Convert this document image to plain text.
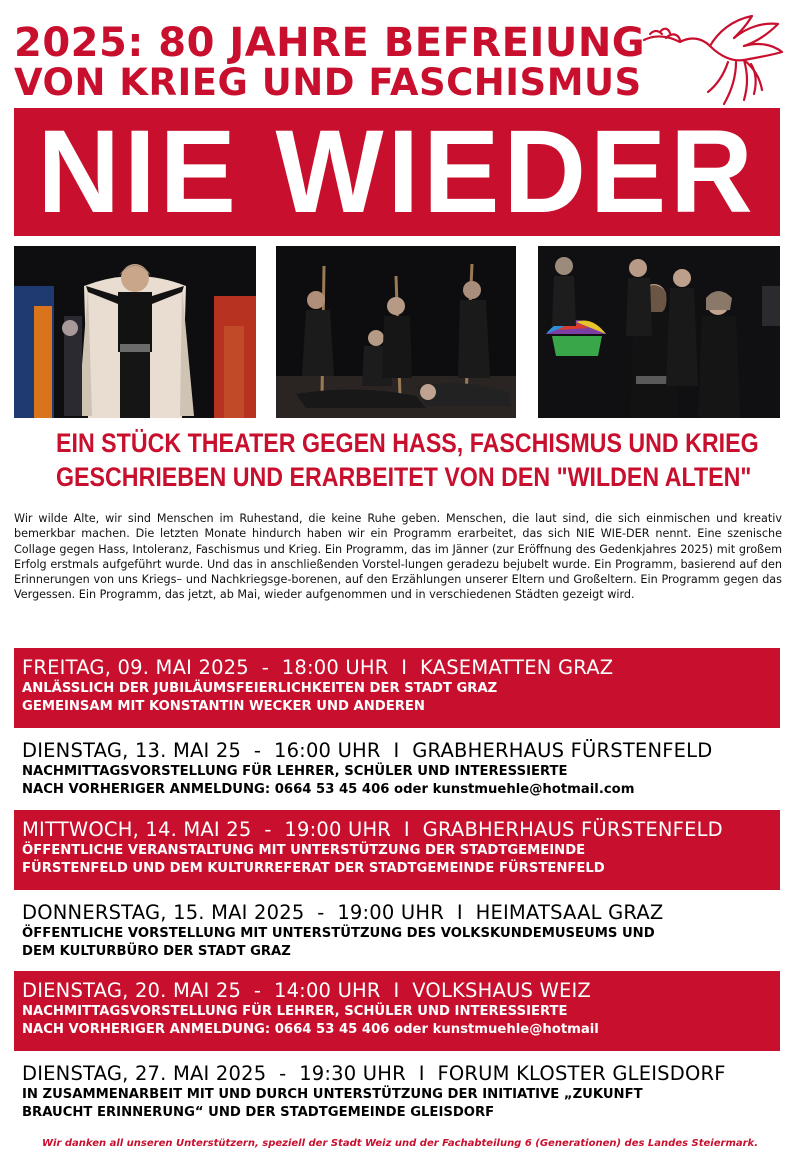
2025: 80 JAHRE BEFREIUNG
VON KRIEG UND FASCHISMUS
NIE WIEDER
EIN STÜCK THEATER GEGEN HASS, FASCHISMUS UND KRIEG
GESCHRIEBEN UND ERARBEITET VON DEN "WILDEN ALTEN"
Wir wilde Alte, wir sind Menschen im Ruhestand, die keine Ruhe geben. Menschen, die laut sind, die sich einmischen und kreativ bemerkbar machen. Die letzten Monate hindurch haben wir ein Programm erarbeitet, das sich NIE WIE-DER nennt. Eine szenische Collage gegen Hass, Intoleranz, Faschismus und Krieg. Ein Programm, das im Jänner (zur Eröffnung des Gedenkjahres 2025) mit großem Erfolg erstmals aufgeführt wurde. Und das in anschließenden Vorstel-lungen geradezu bejubelt wurde. Ein Programm, basierend auf den Erinnerungen von uns Kriegs– und Nachkriegsge-borenen, auf den Erzählungen unserer Eltern und Großeltern. Ein Programm gegen das Vergessen. Ein Programm, das jetzt, ab Mai, wieder aufgenommen und in verschiedenen Städten gezeigt wird.
FREITAG, 09. MAI 2025 - 18:00 UHR I KASEMATTEN GRAZ
ANLÄSSLICH DER JUBILÄUMSFEIERLICHKEITEN DER STADT GRAZ
GEMEINSAM MIT KONSTANTIN WECKER UND ANDEREN
DIENSTAG, 13. MAI 25 - 16:00 UHR I GRABHERHAUS FÜRSTENFELD
NACHMITTAGSVORSTELLUNG FÜR LEHRER, SCHÜLER UND INTERESSIERTE
NACH VORHERIGER ANMELDUNG: 0664 53 45 406 oder kunstmuehle@hotmail.com
MITTWOCH, 14. MAI 25 - 19:00 UHR I GRABHERHAUS FÜRSTENFELD
ÖFFENTLICHE VERANSTALTUNG MIT UNTERSTÜTZUNG DER STADTGEMEINDE
FÜRSTENFELD UND DEM KULTURREFERAT DER STADTGEMEINDE FÜRSTENFELD
DONNERSTAG, 15. MAI 2025 - 19:00 UHR I HEIMATSAAL GRAZ
ÖFFENTLICHE VORSTELLUNG MIT UNTERSTÜTZUNG DES VOLKSKUNDEMUSEUMS UND
DEM KULTURBÜRO DER STADT GRAZ
DIENSTAG, 20. MAI 25 - 14:00 UHR I VOLKSHAUS WEIZ
NACHMITTAGSVORSTELLUNG FÜR LEHRER, SCHÜLER UND INTERESSIERTE
NACH VORHERIGER ANMELDUNG: 0664 53 45 406 oder kunstmuehle@hotmail
DIENSTAG, 27. MAI 2025 - 19:30 UHR I FORUM KLOSTER GLEISDORF
IN ZUSAMMENARBEIT MIT UND DURCH UNTERSTÜTZUNG DER INITIATIVE „ZUKUNFT
BRAUCHT ERINNERUNG“ UND DER STADTGEMEINDE GLEISDORF
Wir danken all unseren Unterstützern, speziell der Stadt Weiz und der Fachabteilung 6 (Generationen) des Landes Steiermark.
